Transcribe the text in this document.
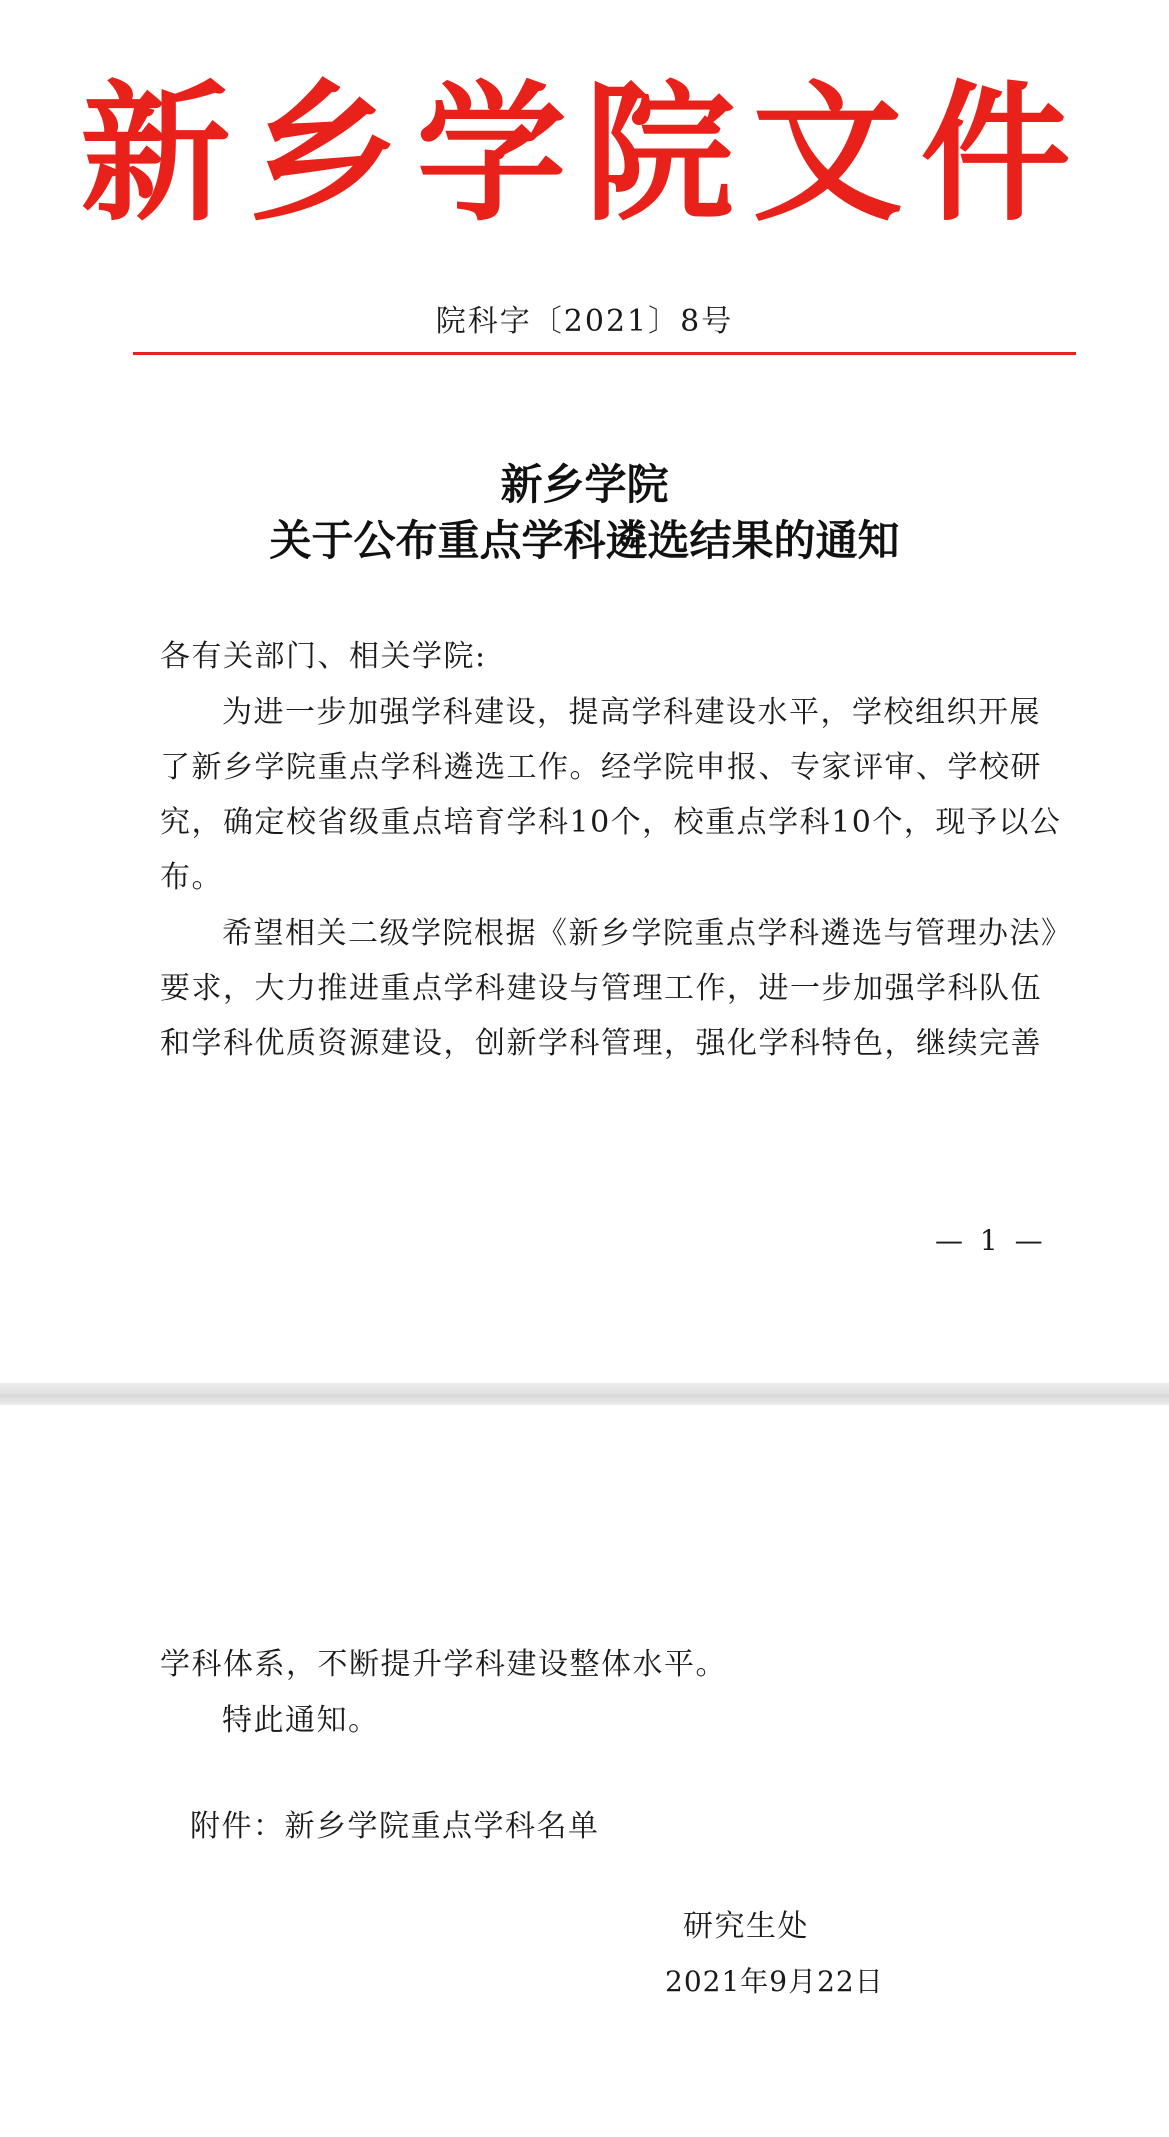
新乡学院文件
院科字〔2021〕8号
新乡学院
关于公布重点学科遴选结果的通知
各有关部门、相关学院:
为进一步加强学科建设，提高学科建设水平，学校组织开展
了新乡学院重点学科遴选工作。经学院申报、专家评审、学校研
究，确定校省级重点培育学科10个，校重点学科10个，现予以公
布。
希望相关二级学院根据《新乡学院重点学科遴选与管理办法》
要求，大力推进重点学科建设与管理工作，进一步加强学科队伍
和学科优质资源建设，创新学科管理，强化学科特色，继续完善
— 1 —
学科体系，不断提升学科建设整体水平。
特此通知。
附件：新乡学院重点学科名单
研究生处
2021年9月22日
